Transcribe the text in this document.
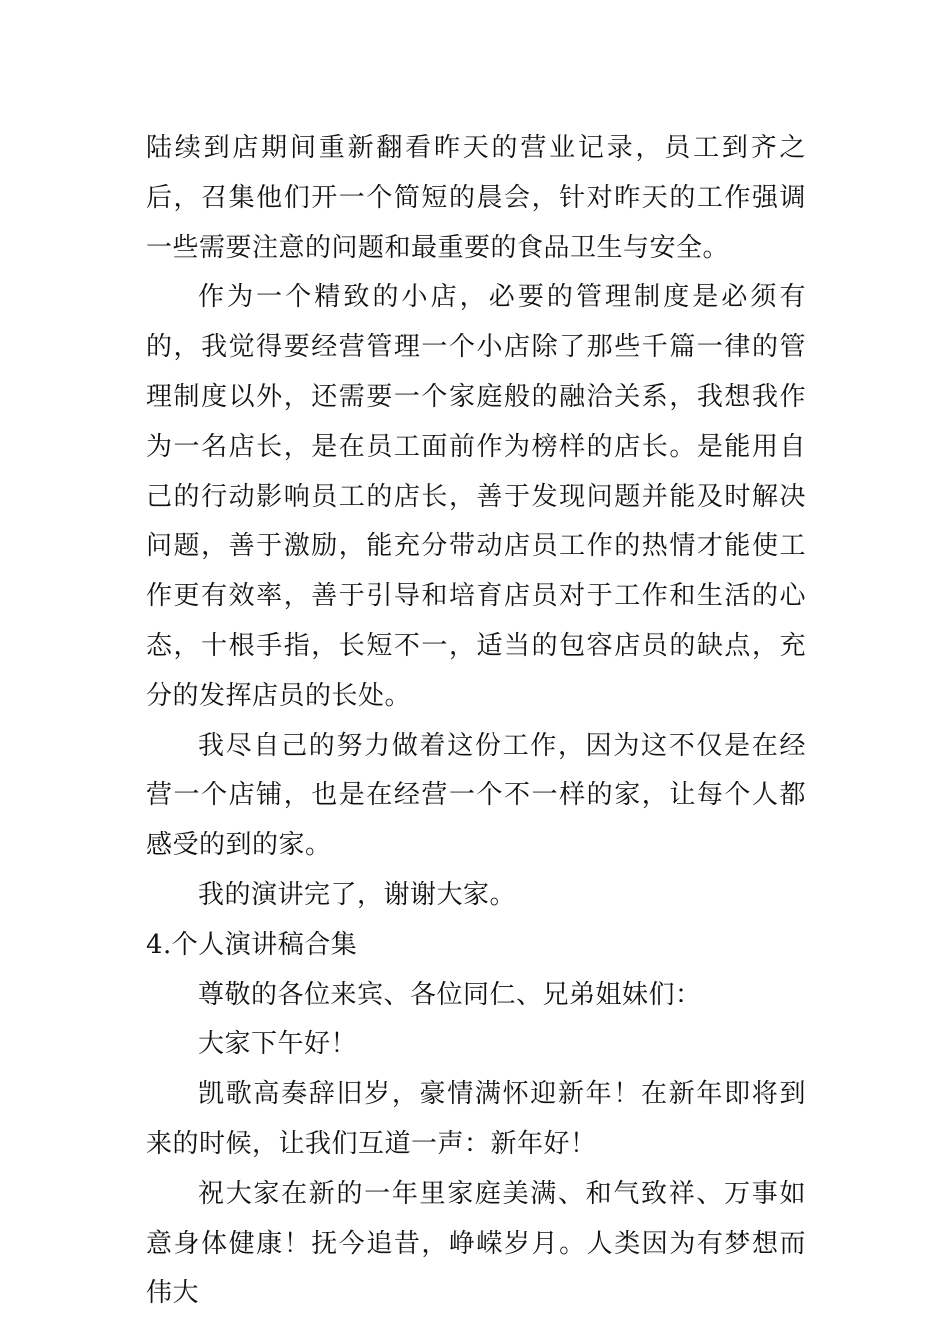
陆续到店期间重新翻看昨天的营业记录，员工到齐之后，召集他们开一个简短的晨会，针对昨天的工作强调一些需要注意的问题和最重要的食品卫生与安全。

作为一个精致的小店，必要的管理制度是必须有的，我觉得要经营管理一个小店除了那些千篇一律的管理制度以外，还需要一个家庭般的融洽关系，我想我作为一名店长，是在员工面前作为榜样的店长。是能用自己的行动影响员工的店长，善于发现问题并能及时解决问题，善于激励，能充分带动店员工作的热情才能使工作更有效率，善于引导和培育店员对于工作和生活的心态，十根手指，长短不一，适当的包容店员的缺点，充分的发挥店员的长处。

我尽自己的努力做着这份工作，因为这不仅是在经营一个店铺，也是在经营一个不一样的家，让每个人都感受的到的家。

我的演讲完了，谢谢大家。

4.个人演讲稿合集

尊敬的各位来宾、各位同仁、兄弟姐妹们：

大家下午好！

凯歌高奏辞旧岁，豪情满怀迎新年！在新年即将到来的时候，让我们互道一声：新年好！

祝大家在新的一年里家庭美满、和气致祥、万事如意身体健康！抚今追昔，峥嵘岁月。人类因为有梦想而伟大
